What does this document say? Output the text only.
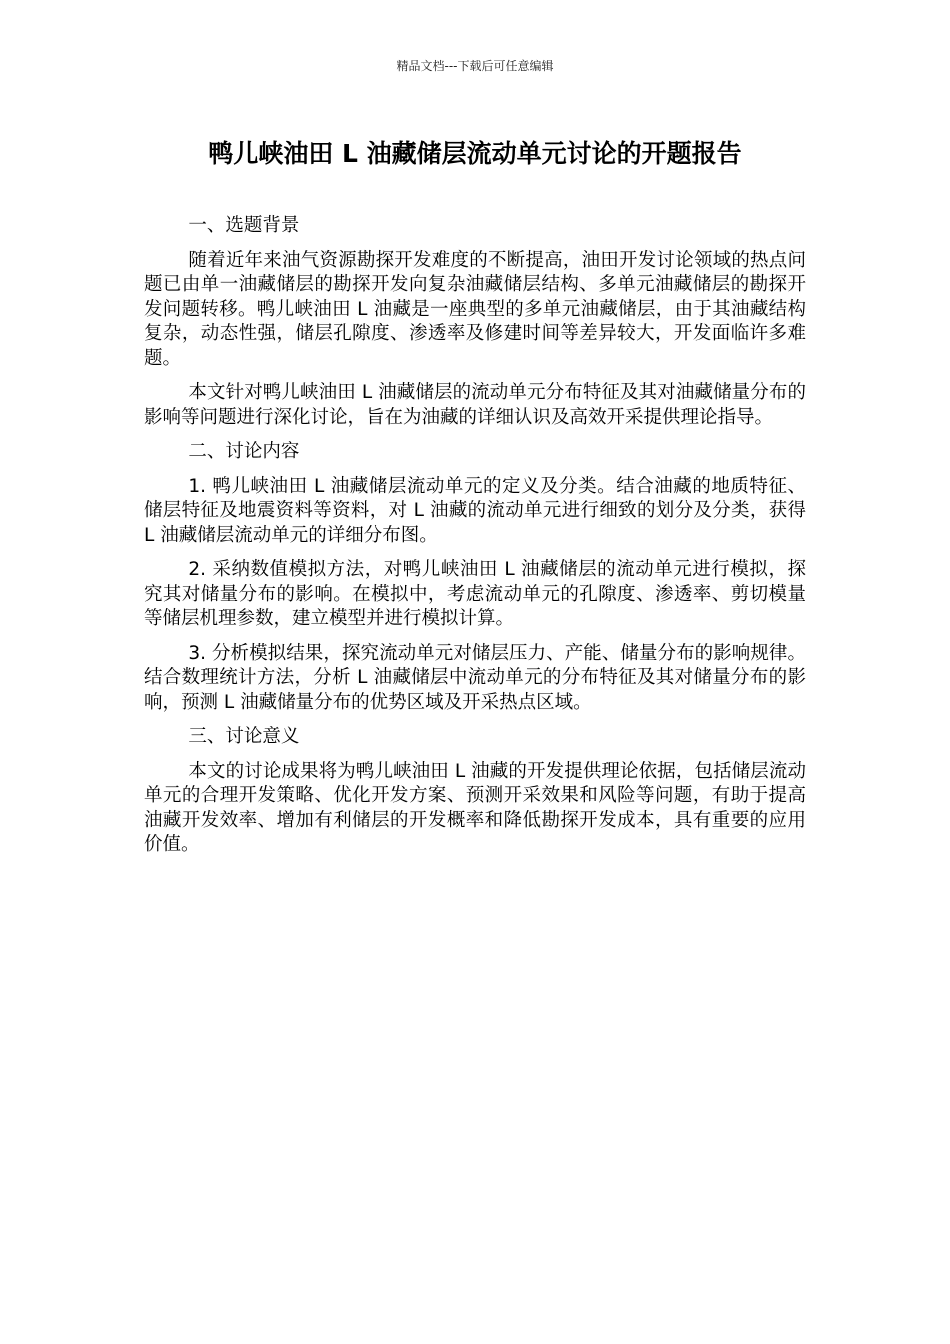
精品文档---下载后可任意编辑
鸭儿峡油田 L 油藏储层流动单元讨论的开题报告

一、选题背景

随着近年来油气资源勘探开发难度的不断提高，油田开发讨论领域的热点问题已由单一油藏储层的勘探开发向复杂油藏储层结构、多单元油藏储层的勘探开发问题转移。鸭儿峡油田 L 油藏是一座典型的多单元油藏储层，由于其油藏结构复杂，动态性强，储层孔隙度、渗透率及修建时间等差异较大，开发面临许多难题。

本文针对鸭儿峡油田 L 油藏储层的流动单元分布特征及其对油藏储量分布的影响等问题进行深化讨论，旨在为油藏的详细认识及高效开采提供理论指导。

二、讨论内容

1. 鸭儿峡油田 L 油藏储层流动单元的定义及分类。结合油藏的地质特征、储层特征及地震资料等资料，对 L 油藏的流动单元进行细致的划分及分类，获得 L 油藏储层流动单元的详细分布图。

2. 采纳数值模拟方法，对鸭儿峡油田 L 油藏储层的流动单元进行模拟，探究其对储量分布的影响。在模拟中，考虑流动单元的孔隙度、渗透率、剪切模量等储层机理参数，建立模型并进行模拟计算。

3. 分析模拟结果，探究流动单元对储层压力、产能、储量分布的影响规律。结合数理统计方法，分析 L 油藏储层中流动单元的分布特征及其对储量分布的影响，预测 L 油藏储量分布的优势区域及开采热点区域。

三、讨论意义

本文的讨论成果将为鸭儿峡油田 L 油藏的开发提供理论依据，包括储层流动单元的合理开发策略、优化开发方案、预测开采效果和风险等问题，有助于提高油藏开发效率、增加有利储层的开发概率和降低勘探开发成本，具有重要的应用价值。
